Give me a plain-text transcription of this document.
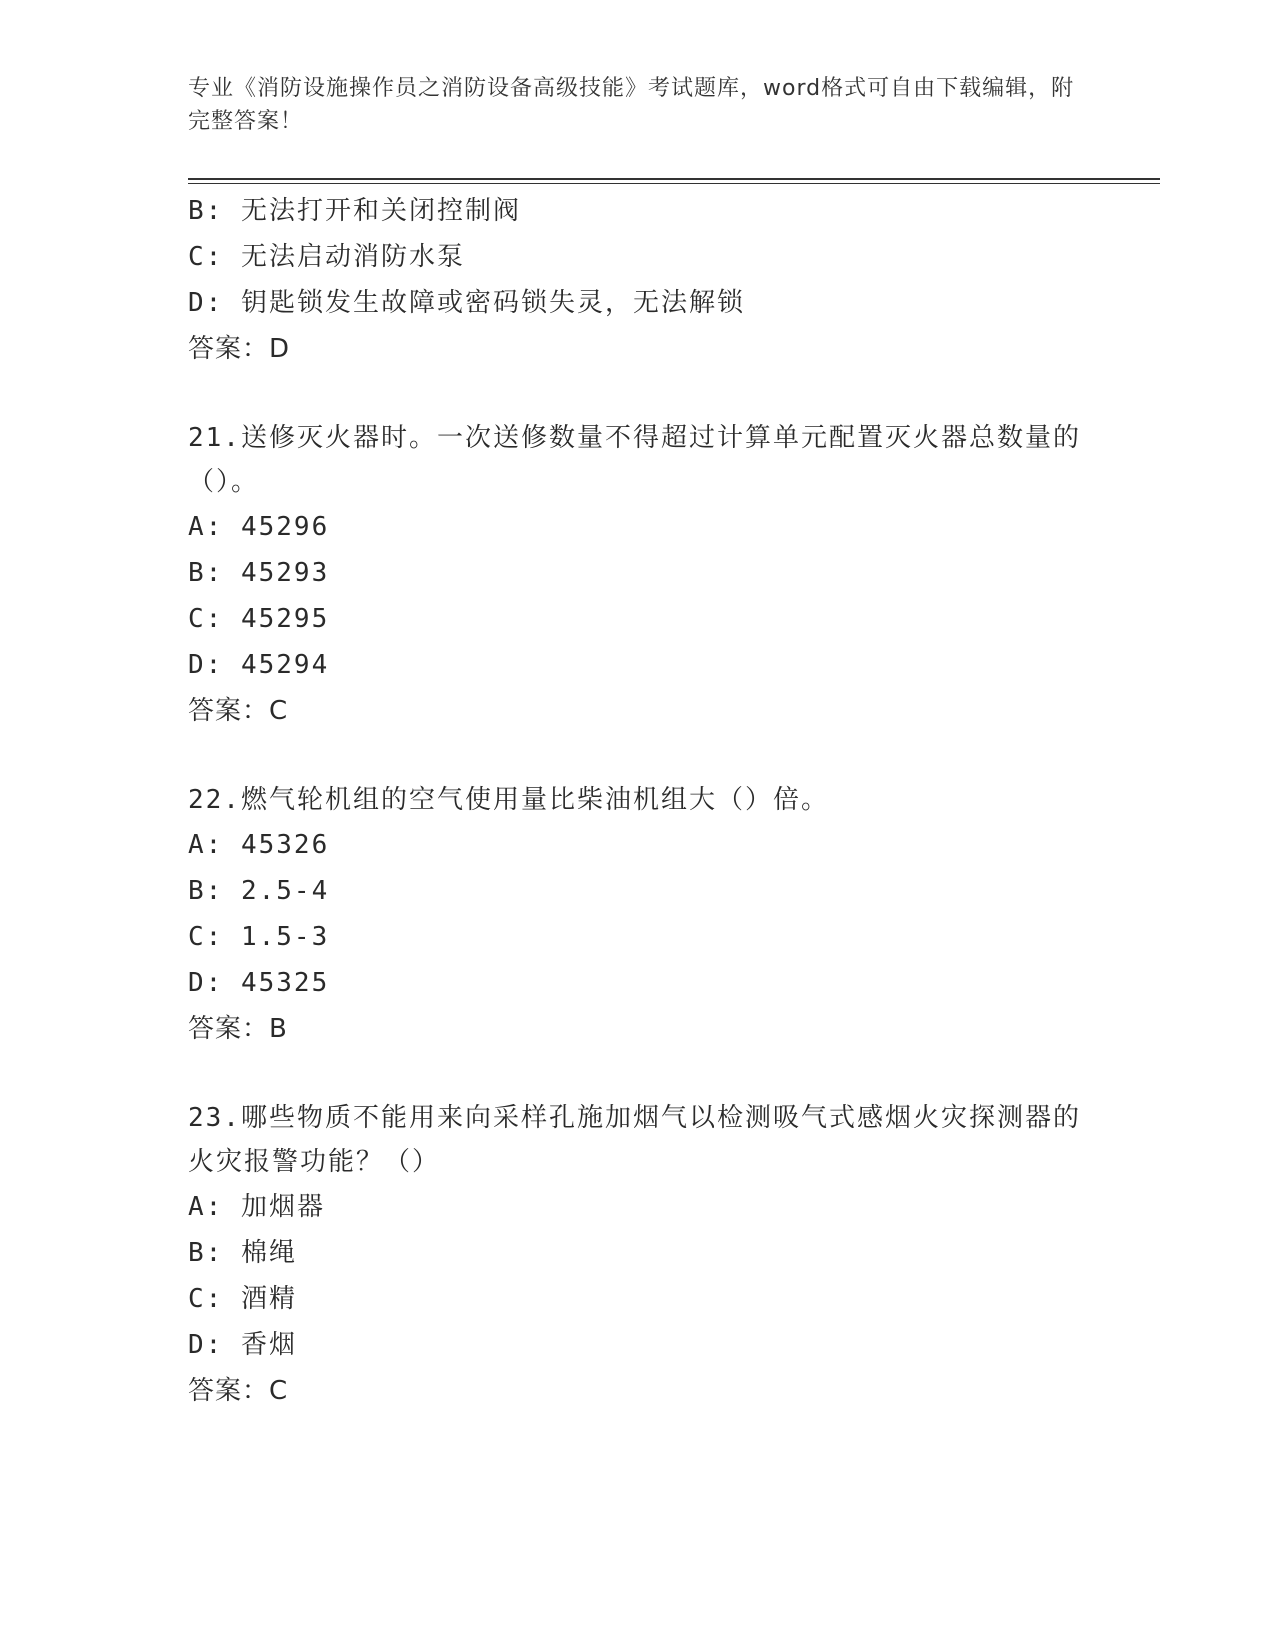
专业《消防设施操作员之消防设备高级技能》考试题库，word格式可自由下载编辑，附完整答案！
B: 无法打开和关闭控制阀
C: 无法启动消防水泵
D: 钥匙锁发生故障或密码锁失灵，无法解锁
答案：D
21.送修灭火器时。一次送修数量不得超过计算单元配置灭火器总数量的（）。
A: 45296
B: 45293
C: 45295
D: 45294
答案：C
22.燃气轮机组的空气使用量比柴油机组大（）倍。
A: 45326
B: 2.5-4
C: 1.5-3
D: 45325
答案：B
23.哪些物质不能用来向采样孔施加烟气以检测吸气式感烟火灾探测器的火灾报警功能？（）
A: 加烟器
B: 棉绳
C: 酒精
D: 香烟
答案：C
